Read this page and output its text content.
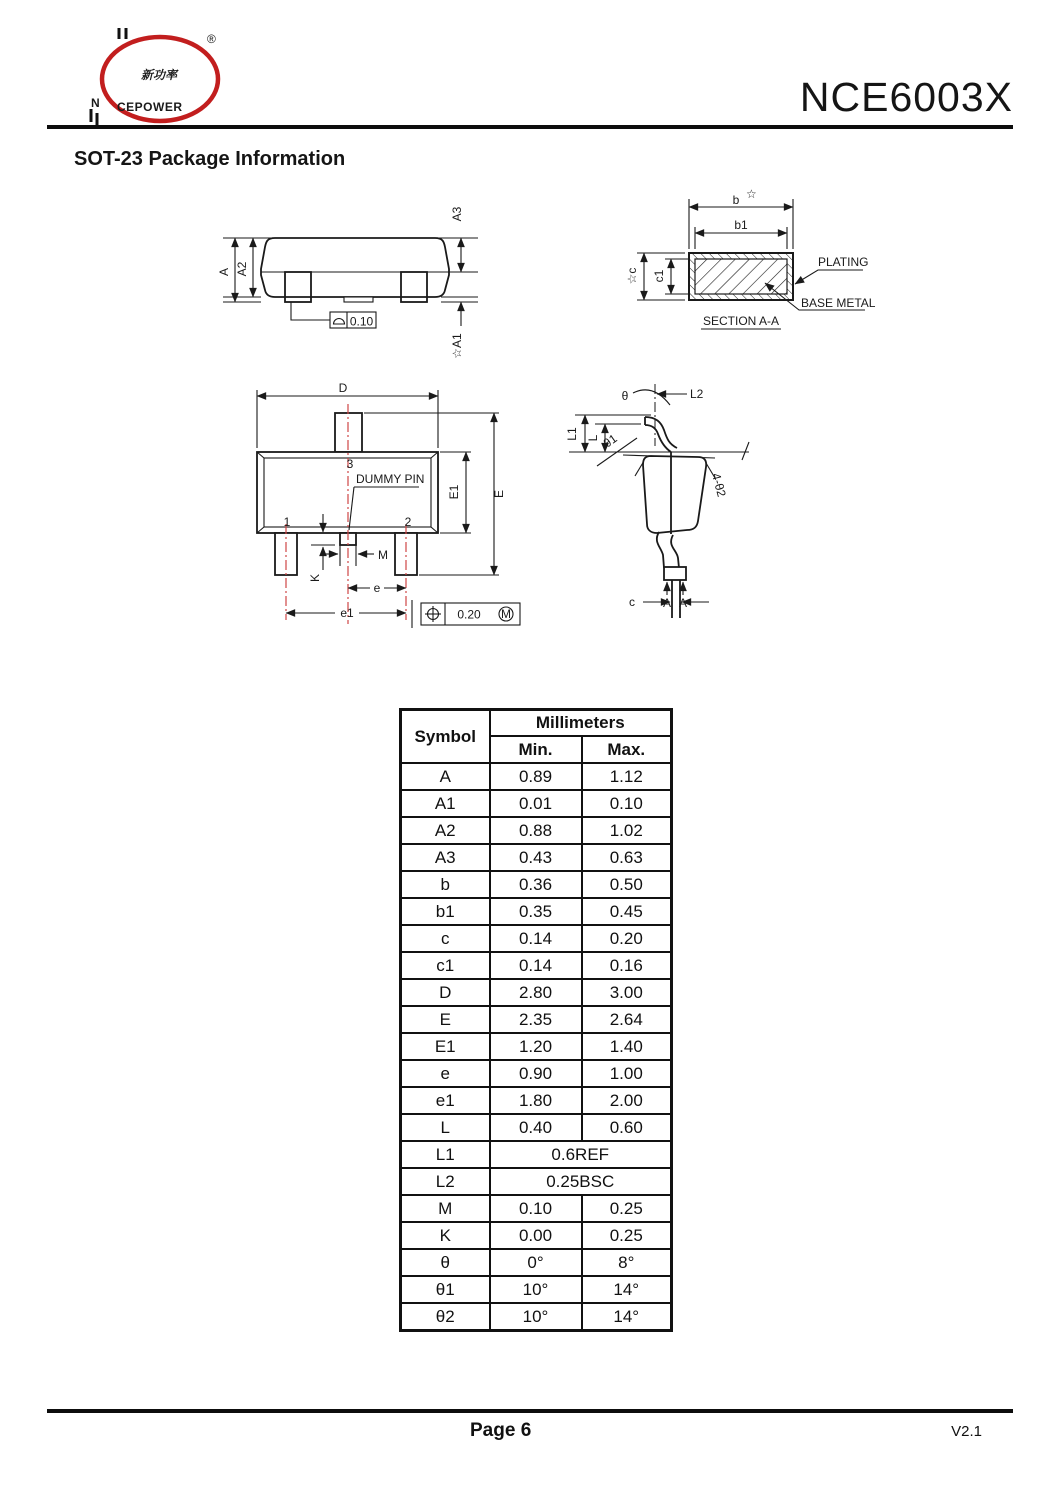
N
新功率
CEPOWER
®
NCE6003X
SOT-23 Package Information
A A2
A3
☆A1
0.10
b ☆
b1
☆c c1
PLATING
BASE METAL
SECTION A-A
D
E
E1
3
1	2
DUMMY PIN
K
M
e
e1	0.20 M
L1 L
θ	L2
θ1
4-θ2
A A
c
Symbol	Millimeters	
	Min.	Max.
A	0.89	1.12
A1	0.01	0.10
A2	0.88	1.02
A3	0.43	0.63
b	0.36	0.50
b1	0.35	0.45
c	0.14	0.20
c1	0.14	0.16
D	2.80	3.00
E	2.35	2.64
E1	1.20	1.40
e	0.90	1.00
e1	1.80	2.00
L	0.40	0.60
L1	0.6REF	
L2	0.25BSC	
M	0.10	0.25
K	0.00	0.25
θ	0°	8°
θ1	10°	14°
θ2	10°	14°
Page 6	V2.1
